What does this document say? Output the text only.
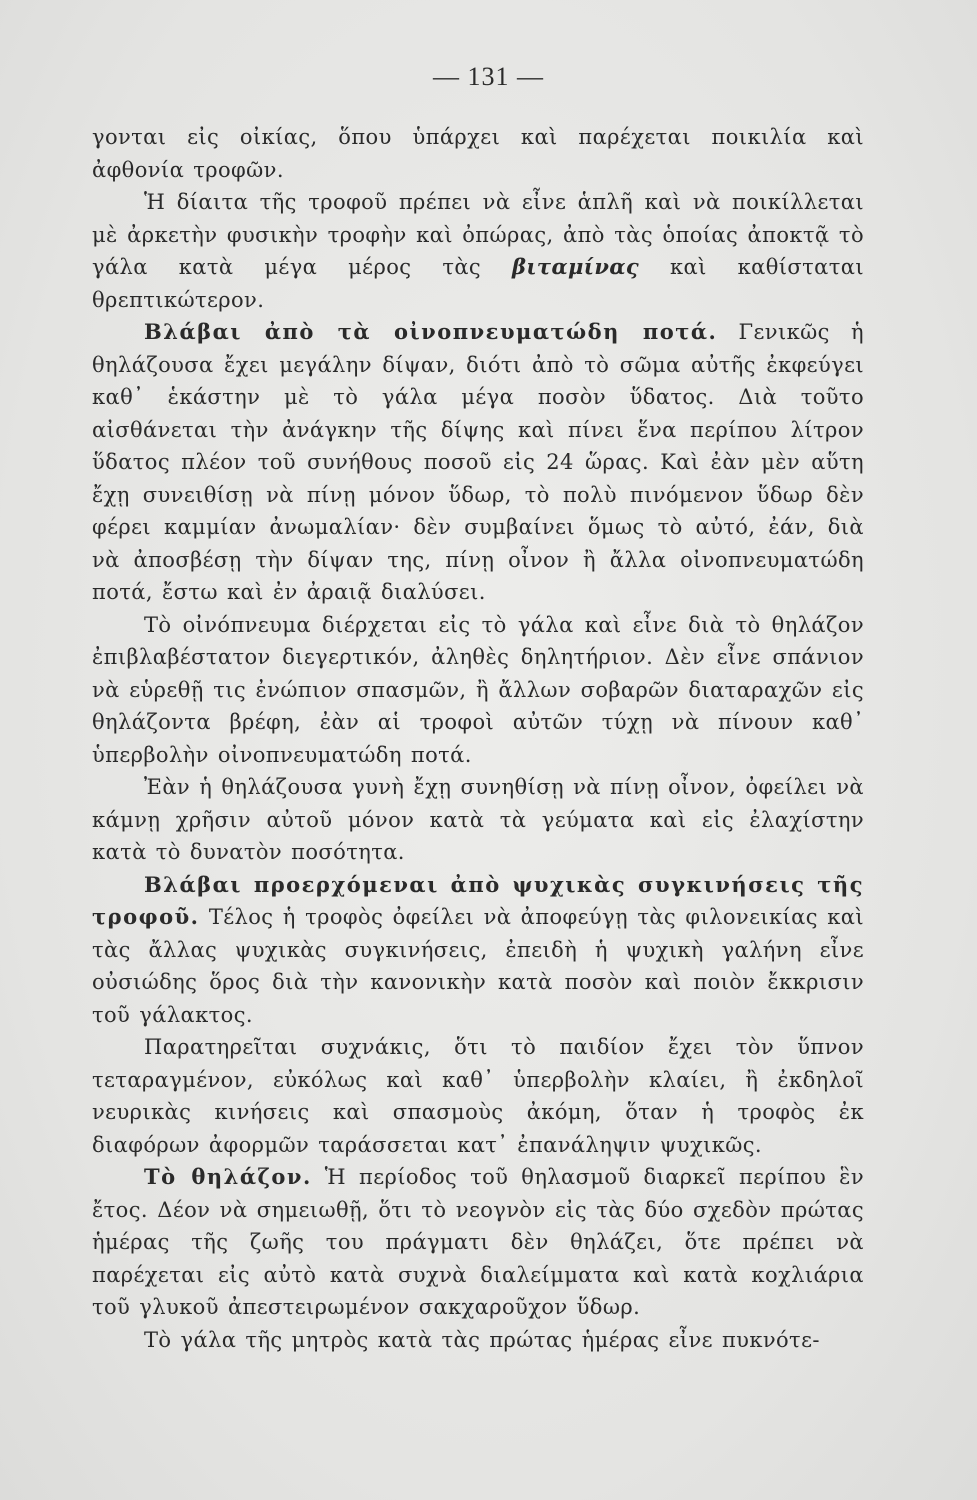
— 131 —

γονται εἰς οἰκίας, ὅπου ὑπάρχει καὶ παρέχεται ποικιλία καὶ ἀφθονία τροφῶν.

Ἡ δίαιτα τῆς τροφοῦ πρέπει νὰ εἶνε ἁπλῆ καὶ νὰ ποικίλλεται μὲ ἀρκετὴν φυσικὴν τροφὴν καὶ ὀπώρας, ἀπὸ τὰς ὁποίας ἀποκτᾷ τὸ γάλα κατὰ μέγα μέρος τὰς βιταμίνας καὶ καθίσταται θρεπτικώτερον.

Βλάβαι ἀπὸ τὰ οἰνοπνευματώδη ποτά. Γενικῶς ἡ θηλάζουσα ἔχει μεγάλην δίψαν, διότι ἀπὸ τὸ σῶμα αὐτῆς ἐκφεύγει καθ᾿ ἑκάστην μὲ τὸ γάλα μέγα ποσὸν ὕδατος. Διὰ τοῦτο αἰσθάνεται τὴν ἀνάγκην τῆς δίψης καὶ πίνει ἕνα περίπου λίτρον ὕδατος πλέον τοῦ συνήθους ποσοῦ εἰς 24 ὥρας. Καὶ ἐὰν μὲν αὕτη ἔχῃ συνειθίσῃ νὰ πίνῃ μόνον ὕδωρ, τὸ πολὺ πινόμενον ὕδωρ δὲν φέρει καμμίαν ἀνωμαλίαν· δὲν συμβαίνει ὅμως τὸ αὐτό, ἐάν, διὰ νὰ ἀποσβέσῃ τὴν δίψαν της, πίνῃ οἶνον ἢ ἄλλα οἰνοπνευματώδη ποτά, ἔστω καὶ ἐν ἀραιᾷ διαλύσει.

Τὸ οἰνόπνευμα διέρχεται εἰς τὸ γάλα καὶ εἶνε διὰ τὸ θηλάζον ἐπιβλαβέστατον διεγερτικόν, ἀληθὲς δηλητήριον. Δὲν εἶνε σπάνιον νὰ εὑρεθῇ τις ἐνώπιον σπασμῶν, ἢ ἄλλων σοβαρῶν διαταραχῶν εἰς θηλάζοντα βρέφη, ἐὰν αἱ τροφοὶ αὐτῶν τύχῃ νὰ πίνουν καθ᾿ ὑπερβολὴν οἰνοπνευματώδη ποτά.

Ἐὰν ἡ θηλάζουσα γυνὴ ἔχῃ συνηθίσῃ νὰ πίνῃ οἶνον, ὀφείλει νὰ κάμνῃ χρῆσιν αὐτοῦ μόνον κατὰ τὰ γεύματα καὶ εἰς ἐλαχίστην κατὰ τὸ δυνατὸν ποσότητα.

Βλάβαι προερχόμεναι ἀπὸ ψυχικὰς συγκινήσεις τῆς τροφοῦ. Τέλος ἡ τροφὸς ὀφείλει νὰ ἀποφεύγῃ τὰς φιλονεικίας καὶ τὰς ἄλλας ψυχικὰς συγκινήσεις, ἐπειδὴ ἡ ψυχικὴ γαλήνη εἶνε οὐσιώδης ὅρος διὰ τὴν κανονικὴν κατὰ ποσὸν καὶ ποιὸν ἔκκρισιν τοῦ γάλακτος.

Παρατηρεῖται συχνάκις, ὅτι τὸ παιδίον ἔχει τὸν ὕπνον τεταραγμένον, εὐκόλως καὶ καθ᾿ ὑπερβολὴν κλαίει, ἢ ἐκδηλοῖ νευρικὰς κινήσεις καὶ σπασμοὺς ἀκόμη, ὅταν ἡ τροφὸς ἐκ διαφόρων ἀφορμῶν ταράσσεται κατ᾿ ἐπανάληψιν ψυχικῶς.

Τὸ θηλάζον. Ἡ περίοδος τοῦ θηλασμοῦ διαρκεῖ περίπου ἓν ἔτος. Δέον νὰ σημειωθῇ, ὅτι τὸ νεογνὸν εἰς τὰς δύο σχεδὸν πρώτας ἡμέρας τῆς ζωῆς του πράγματι δὲν θηλάζει, ὅτε πρέπει νὰ παρέχεται εἰς αὐτὸ κατὰ συχνὰ διαλείμματα καὶ κατὰ κοχλιάρια τοῦ γλυκοῦ ἀπεστειρωμένον σακχαροῦχον ὕδωρ.

Τὸ γάλα τῆς μητρὸς κατὰ τὰς πρώτας ἡμέρας εἶνε πυκνότε-
